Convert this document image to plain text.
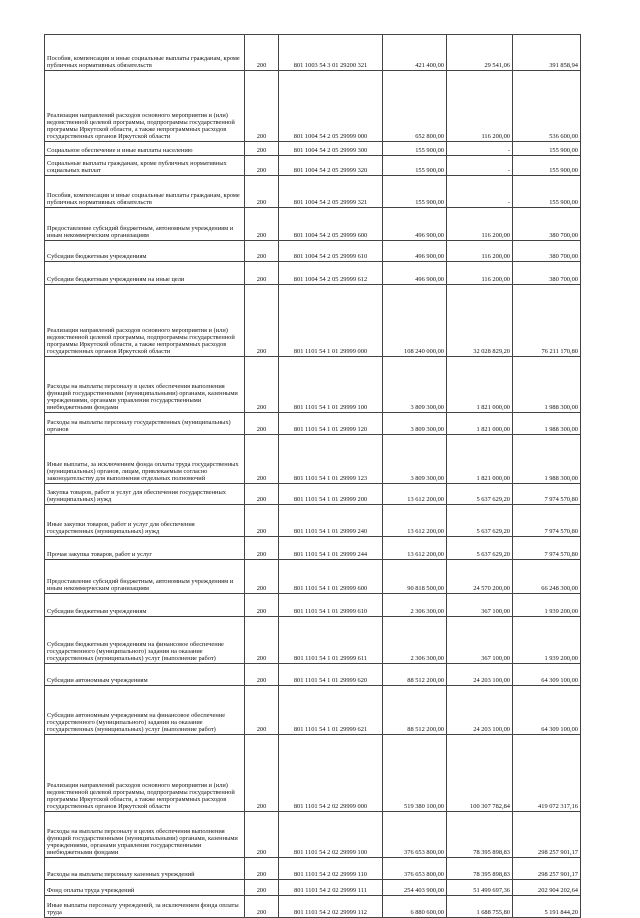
Пособия, компенсации и иные социальные выплаты гражданам, кроме публичных нормативных обязательств	200	801 1003 54 3 01 29200 321	421 400,00	29 541,06	391 858,94
Реализация направлений расходов основного мероприятия и (или) ведомственной целевой программы, подпрограммы государственной программы Иркутской области, а также непрограммных расходов государственных органов Иркутской области	200	801 1004 54 2 05 29999 000	652 800,00	116 200,00	536 600,00
Социальное обеспечение и иные выплаты населению	200	801 1004 54 2 05 29999 300	155 900,00	-	155 900,00
Социальные выплаты гражданам, кроме публичных нормативных социальных выплат	200	801 1004 54 2 05 29999 320	155 900,00	-	155 900,00
Пособия, компенсации и иные социальные выплаты гражданам, кроме публичных нормативных обязательств	200	801 1004 54 2 05 29999 321	155 900,00	-	155 900,00
Предоставление субсидий бюджетным, автономным учреждениям и иным некоммерческим организациям	200	801 1004 54 2 05 29999 600	496 900,00	116 200,00	380 700,00
Субсидии бюджетным учреждениям	200	801 1004 54 2 05 29999 610	496 900,00	116 200,00	380 700,00
Субсидии бюджетным учреждениям на иные цели	200	801 1004 54 2 05 29999 612	496 900,00	116 200,00	380 700,00
Реализация направлений расходов основного мероприятия и (или) ведомственной целевой программы, подпрограммы государственной программы Иркутской области, а также непрограммных расходов государственных органов Иркутской области	200	801 1101 54 1 01 29999 000	108 240 000,00	32 028 829,20	76 211 170,80
Расходы на выплаты персоналу в целях обеспечения выполнения функций государственными (муниципальными) органами, казенными учреждениями, органами управления государственными внебюджетными фондами	200	801 1101 54 1 01 29999 100	3 809 300,00	1 821 000,00	1 988 300,00
Расходы на выплаты персоналу государственных (муниципальных) органов	200	801 1101 54 1 01 29999 120	3 809 300,00	1 821 000,00	1 988 300,00
Иные выплаты, за исключением фонда оплаты труда государственных (муниципальных) органов, лицам, привлекаемым согласно законодательству для выполнения отдельных полномочий	200	801 1101 54 1 01 29999 123	3 809 300,00	1 821 000,00	1 988 300,00
Закупка товаров, работ и услуг для обеспечения государственных (муниципальных) нужд	200	801 1101 54 1 01 29999 200	13 612 200,00	5 637 629,20	7 974 570,80
Иные закупки товаров, работ и услуг для обеспечения государственных (муниципальных) нужд	200	801 1101 54 1 01 29999 240	13 612 200,00	5 637 629,20	7 974 570,80
Прочая закупка товаров, работ и услуг	200	801 1101 54 1 01 29999 244	13 612 200,00	5 637 629,20	7 974 570,80
Предоставление субсидий бюджетным, автономным учреждениям и иным некоммерческим организациям	200	801 1101 54 1 01 29999 600	90 818 500,00	24 570 200,00	66 248 300,00
Субсидии бюджетным учреждениям	200	801 1101 54 1 01 29999 610	2 306 300,00	367 100,00	1 939 200,00
Субсидии бюджетным учреждениям на финансовое обеспечение государственного (муниципального) задания на оказание государственных (муниципальных) услуг (выполнение работ)	200	801 1101 54 1 01 29999 611	2 306 300,00	367 100,00	1 939 200,00
Субсидии автономным учреждениям	200	801 1101 54 1 01 29999 620	88 512 200,00	24 203 100,00	64 309 100,00
Субсидии автономным учреждениям на финансовое обеспечение государственного (муниципального) задания на оказание государственных (муниципальных) услуг (выполнение работ)	200	801 1101 54 1 01 29999 621	88 512 200,00	24 203 100,00	64 309 100,00
Реализация направлений расходов основного мероприятия и (или) ведомственной целевой программы, подпрограммы государственной программы Иркутской области, а также непрограммных расходов государственных органов Иркутской области	200	801 1101 54 2 02 29999 000	519 380 100,00	100 307 782,84	419 072 317,16
Расходы на выплаты персоналу в целях обеспечения выполнения функций государственными (муниципальными) органами, казенными учреждениями, органами управления государственными внебюджетными фондами	200	801 1101 54 2 02 29999 100	376 653 800,00	78 395 898,83	298 257 901,17
Расходы на выплаты персоналу казенных учреждений	200	801 1101 54 2 02 29999 110	376 653 800,00	78 395 898,83	298 257 901,17
Фонд оплаты труда учреждений	200	801 1101 54 2 02 29999 111	254 403 900,00	51 499 697,36	202 904 202,64
Иные выплаты персоналу учреждений, за исключением фонда оплаты труда	200	801 1101 54 2 02 29999 112	6 880 600,00	1 688 755,80	5 191 844,20
